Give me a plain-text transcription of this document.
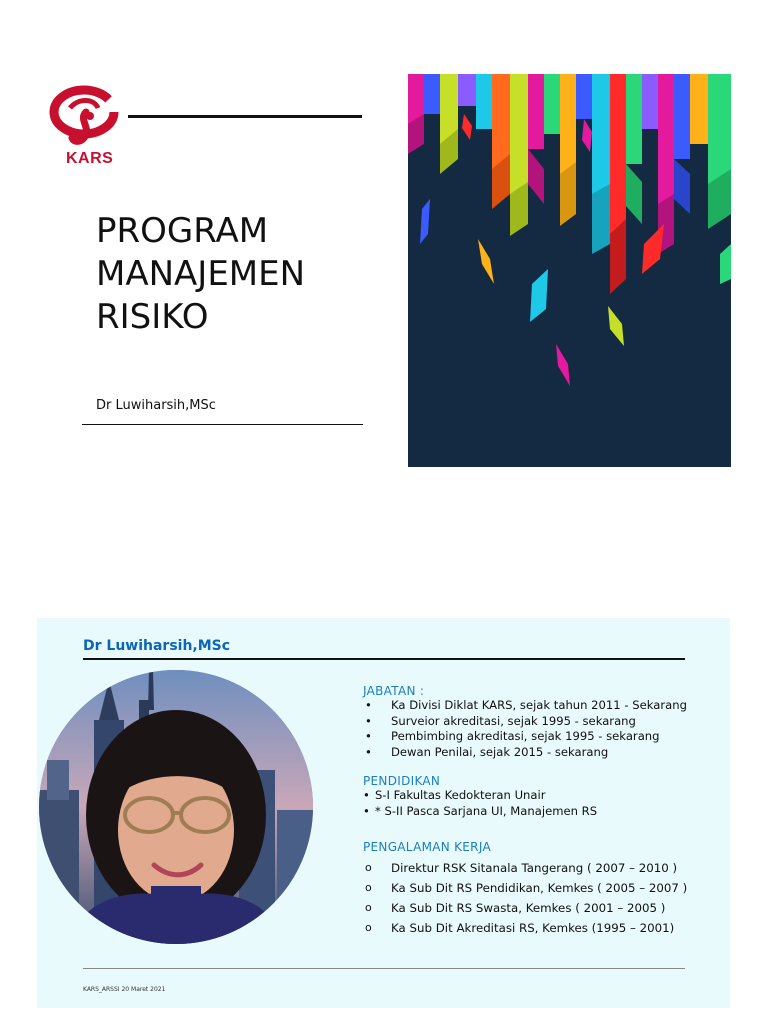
KARS
PROGRAM
MANAJEMEN
RISIKO
Dr Luwiharsih,MSc
Dr Luwiharsih,MSc
JABATAN :
• Ka Divisi Diklat KARS, sejak tahun 2011 - Sekarang
• Surveior akreditasi, sejak 1995 - sekarang
• Pembimbing akreditasi, sejak 1995 - sekarang
• Dewan Penilai, sejak 2015 - sekarang
PENDIDIKAN
• S-I Fakultas Kedokteran Unair
• * S-II Pasca Sarjana UI, Manajemen RS
PENGALAMAN KERJA
o Direktur RSK Sitanala Tangerang ( 2007 – 2010 )
o Ka Sub Dit RS Pendidikan, Kemkes ( 2005 – 2007 )
o Ka Sub Dit RS Swasta, Kemkes ( 2001 – 2005 )
o Ka Sub Dit Akreditasi RS, Kemkes (1995 – 2001)
KARS_ARSSI 20 Maret 2021
